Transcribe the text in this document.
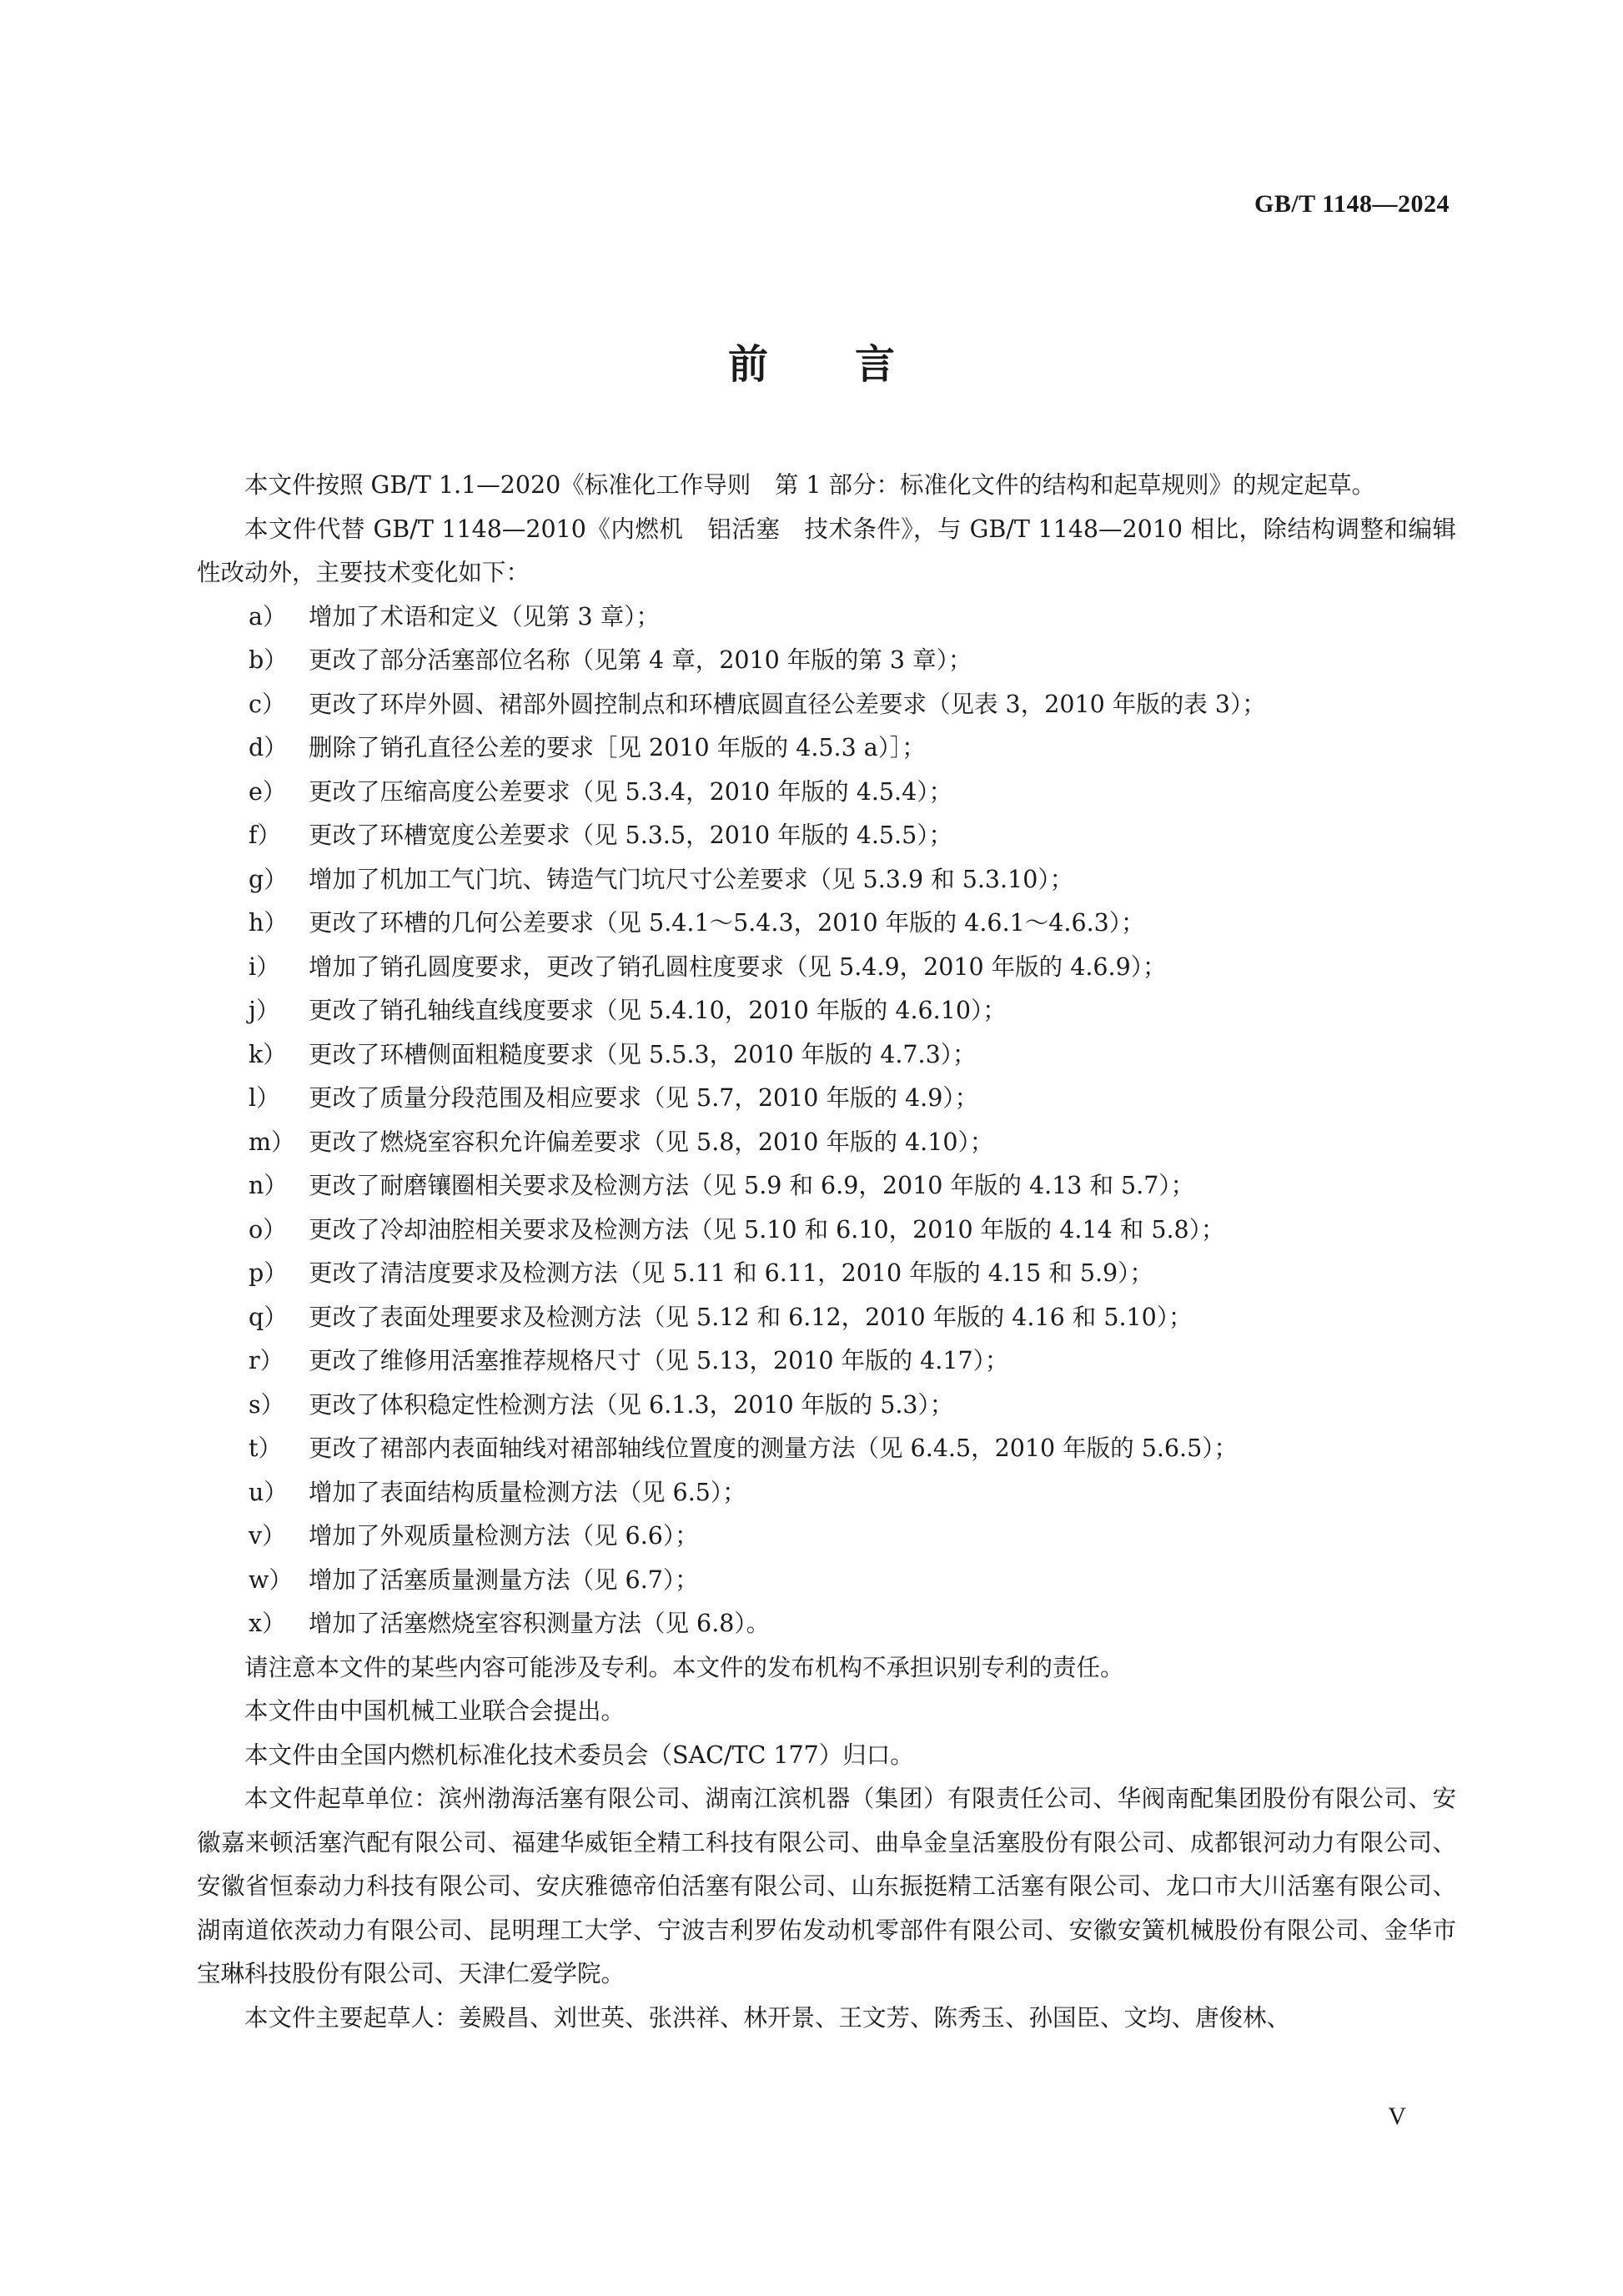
GB/T 1148—2024
前言

本文件按照 GB/T 1.1—2020《标准化工作导则　第 1 部分：标准化文件的结构和起草规则》的规定起草。

本文件代替 GB/T 1148—2010《内燃机　铝活塞　技术条件》，与 GB/T 1148—2010 相比，除结构调整和编辑性改动外，主要技术变化如下：

a） 增加了术语和定义（见第 3 章）；
b） 更改了部分活塞部位名称（见第 4 章，2010 年版的第 3 章）；
c） 更改了环岸外圆、裙部外圆控制点和环槽底圆直径公差要求（见表 3，2010 年版的表 3）；
d） 删除了销孔直径公差的要求［见 2010 年版的 4.5.3 a）］；
e） 更改了压缩高度公差要求（见 5.3.4，2010 年版的 4.5.4）；
f）	更改了环槽宽度公差要求（见 5.3.5，2010 年版的 4.5.5）；
g） 增加了机加工气门坑、铸造气门坑尺寸公差要求（见 5.3.9 和 5.3.10）；
h） 更改了环槽的几何公差要求（见 5.4.1～5.4.3，2010 年版的 4.6.1～4.6.3）；
i）	增加了销孔圆度要求，更改了销孔圆柱度要求（见 5.4.9，2010 年版的 4.6.9）；
j）	更改了销孔轴线直线度要求（见 5.4.10，2010 年版的 4.6.10）；
k） 更改了环槽侧面粗糙度要求（见 5.5.3，2010 年版的 4.7.3）；
l）	更改了质量分段范围及相应要求（见 5.7，2010 年版的 4.9）；
m） 更改了燃烧室容积允许偏差要求（见 5.8，2010 年版的 4.10）；
n） 更改了耐磨镶圈相关要求及检测方法（见 5.9 和 6.9，2010 年版的 4.13 和 5.7）；
o） 更改了冷却油腔相关要求及检测方法（见 5.10 和 6.10，2010 年版的 4.14 和 5.8）；
p） 更改了清洁度要求及检测方法（见 5.11 和 6.11，2010 年版的 4.15 和 5.9）；
q） 更改了表面处理要求及检测方法（见 5.12 和 6.12，2010 年版的 4.16 和 5.10）；
r）	更改了维修用活塞推荐规格尺寸（见 5.13，2010 年版的 4.17）；
s）	更改了体积稳定性检测方法（见 6.1.3，2010 年版的 5.3）；
t）	更改了裙部内表面轴线对裙部轴线位置度的测量方法（见 6.4.5，2010 年版的 5.6.5）；
u） 增加了表面结构质量检测方法（见 6.5）；
v） 增加了外观质量检测方法（见 6.6）；
w） 增加了活塞质量测量方法（见 6.7）；
x） 增加了活塞燃烧室容积测量方法（见 6.8）。

请注意本文件的某些内容可能涉及专利。本文件的发布机构不承担识别专利的责任。

本文件由中国机械工业联合会提出。

本文件由全国内燃机标准化技术委员会（SAC/TC 177）归口。

本文件起草单位：滨州渤海活塞有限公司、湖南江滨机器（集团）有限责任公司、华阀南配集团股份有限公司、安徽嘉来顿活塞汽配有限公司、福建华威钜全精工科技有限公司、曲阜金皇活塞股份有限公司、成都银河动力有限公司、安徽省恒泰动力科技有限公司、安庆雅德帝伯活塞有限公司、山东振挺精工活塞有限公司、龙口市大川活塞有限公司、湖南道依茨动力有限公司、昆明理工大学、宁波吉利罗佑发动机零部件有限公司、安徽安簧机械股份有限公司、金华市宝琳科技股份有限公司、天津仁爱学院。

本文件主要起草人：姜殿昌、刘世英、张洪祥、林开景、王文芳、陈秀玉、孙国臣、文均、唐俊林、

V
